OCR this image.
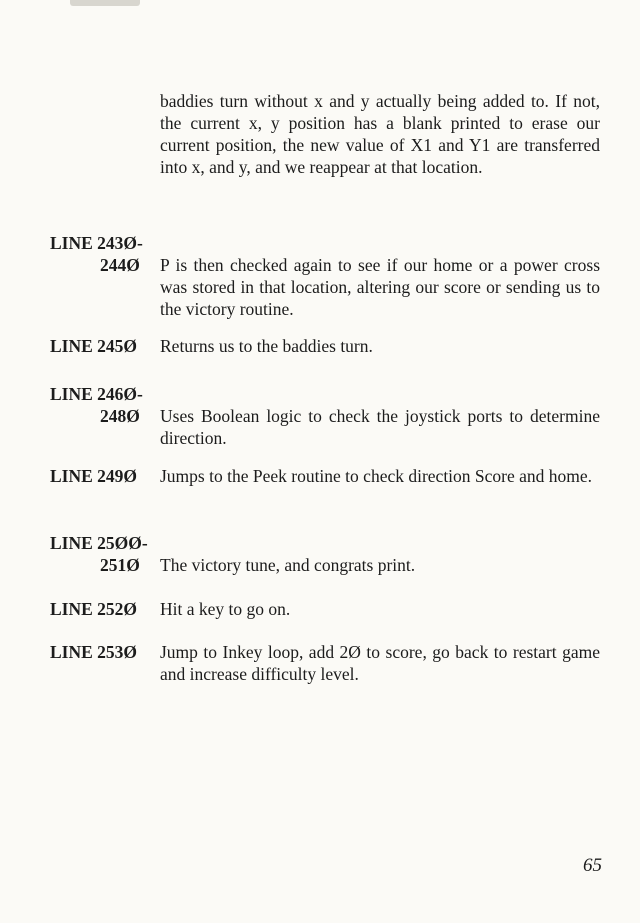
baddies turn without x and y actually being added to. If not, the current x, y position has a blank printed to erase our current position, the new value of X1 and Y1 are transferred into x, and y, and we reappear at that location.

LINE 243Ø-
244Ø	P is then checked again to see if our home or a power cross was stored in that location, altering our score or sending us to the victory routine.

LINE 245Ø	Returns us to the baddies turn.

LINE 246Ø-
248Ø	Uses Boolean logic to check the joystick ports to determine direction.

LINE 249Ø	Jumps to the Peek routine to check direction Score and home.

LINE 25ØØ-
251Ø	The victory tune, and congrats print.

LINE 252Ø	Hit a key to go on.

LINE 253Ø	Jump to Inkey loop, add 2Ø to score, go back to restart game and increase difficulty level.

65
